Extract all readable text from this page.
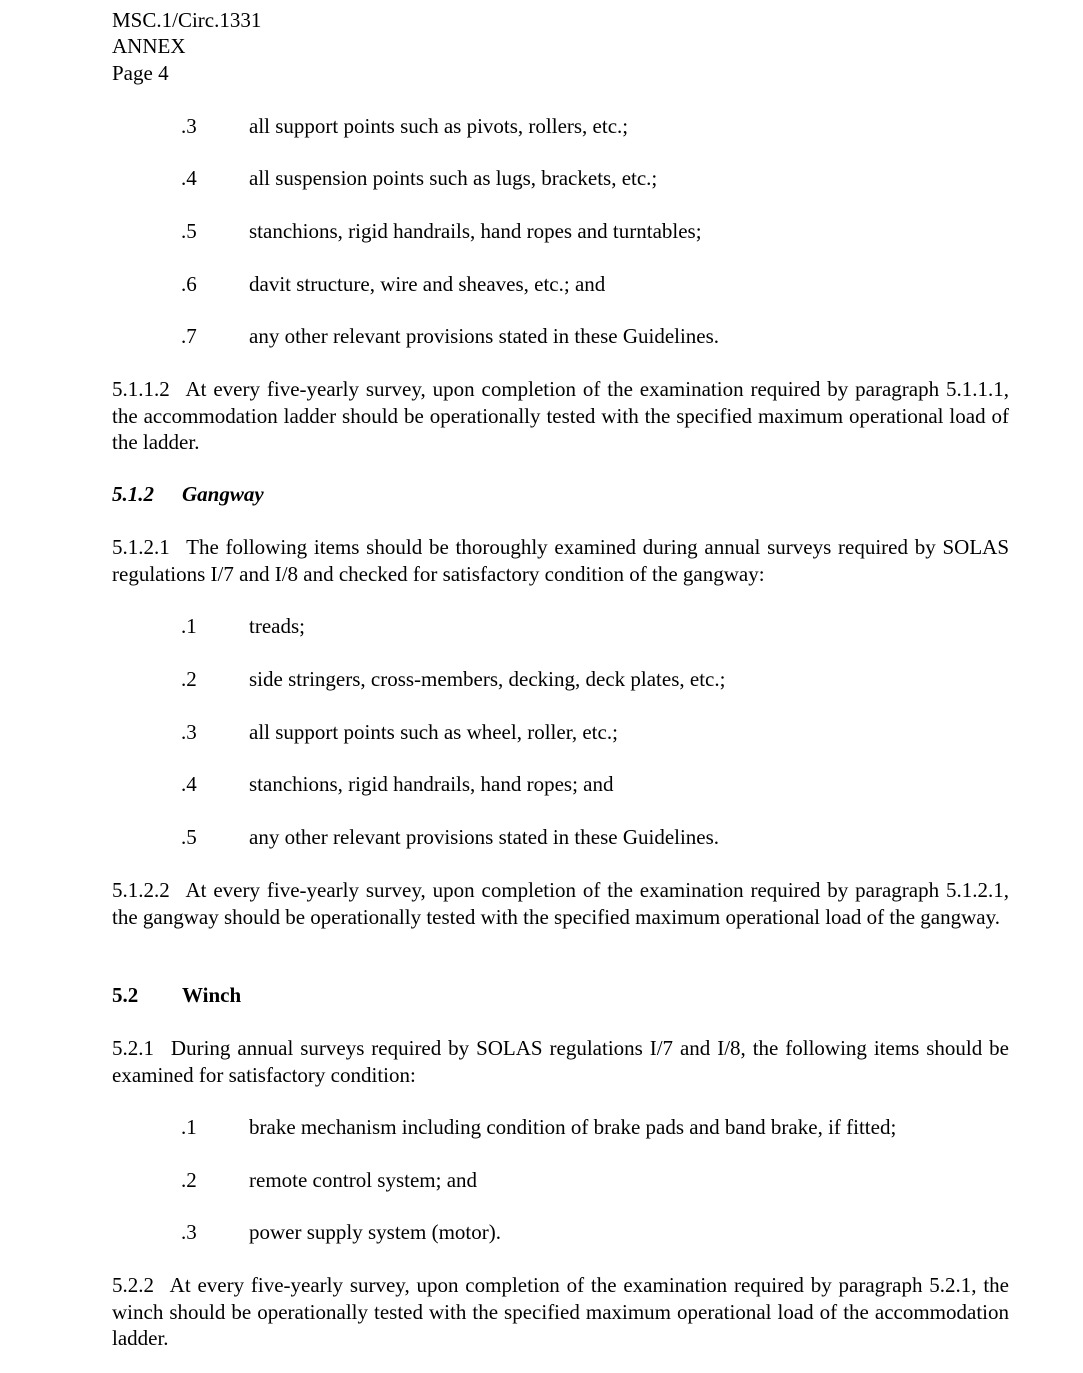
MSC.1/Circ.1331
ANNEX
Page 4
.3 all support points such as pivots, rollers, etc.;
.4 all suspension points such as lugs, brackets, etc.;
.5 stanchions, rigid handrails, hand ropes and turntables;
.6 davit structure, wire and sheaves, etc.; and
.7 any other relevant provisions stated in these Guidelines.
5.1.1.2 At every five-yearly survey, upon completion of the examination required by paragraph 5.1.1.1, the accommodation ladder should be operationally tested with the specified maximum operational load of the ladder.
5.1.2 Gangway
5.1.2.1 The following items should be thoroughly examined during annual surveys required by SOLAS regulations I/7 and I/8 and checked for satisfactory condition of the gangway:
.1 treads;
.2 side stringers, cross-members, decking, deck plates, etc.;
.3 all support points such as wheel, roller, etc.;
.4 stanchions, rigid handrails, hand ropes; and
.5 any other relevant provisions stated in these Guidelines.
5.1.2.2 At every five-yearly survey, upon completion of the examination required by paragraph 5.1.2.1, the gangway should be operationally tested with the specified maximum operational load of the gangway.
5.2 Winch
5.2.1 During annual surveys required by SOLAS regulations I/7 and I/8, the following items should be examined for satisfactory condition:
.1 brake mechanism including condition of brake pads and band brake, if fitted;
.2 remote control system; and
.3 power supply system (motor).
5.2.2 At every five-yearly survey, upon completion of the examination required by paragraph 5.2.1, the winch should be operationally tested with the specified maximum operational load of the accommodation ladder.
